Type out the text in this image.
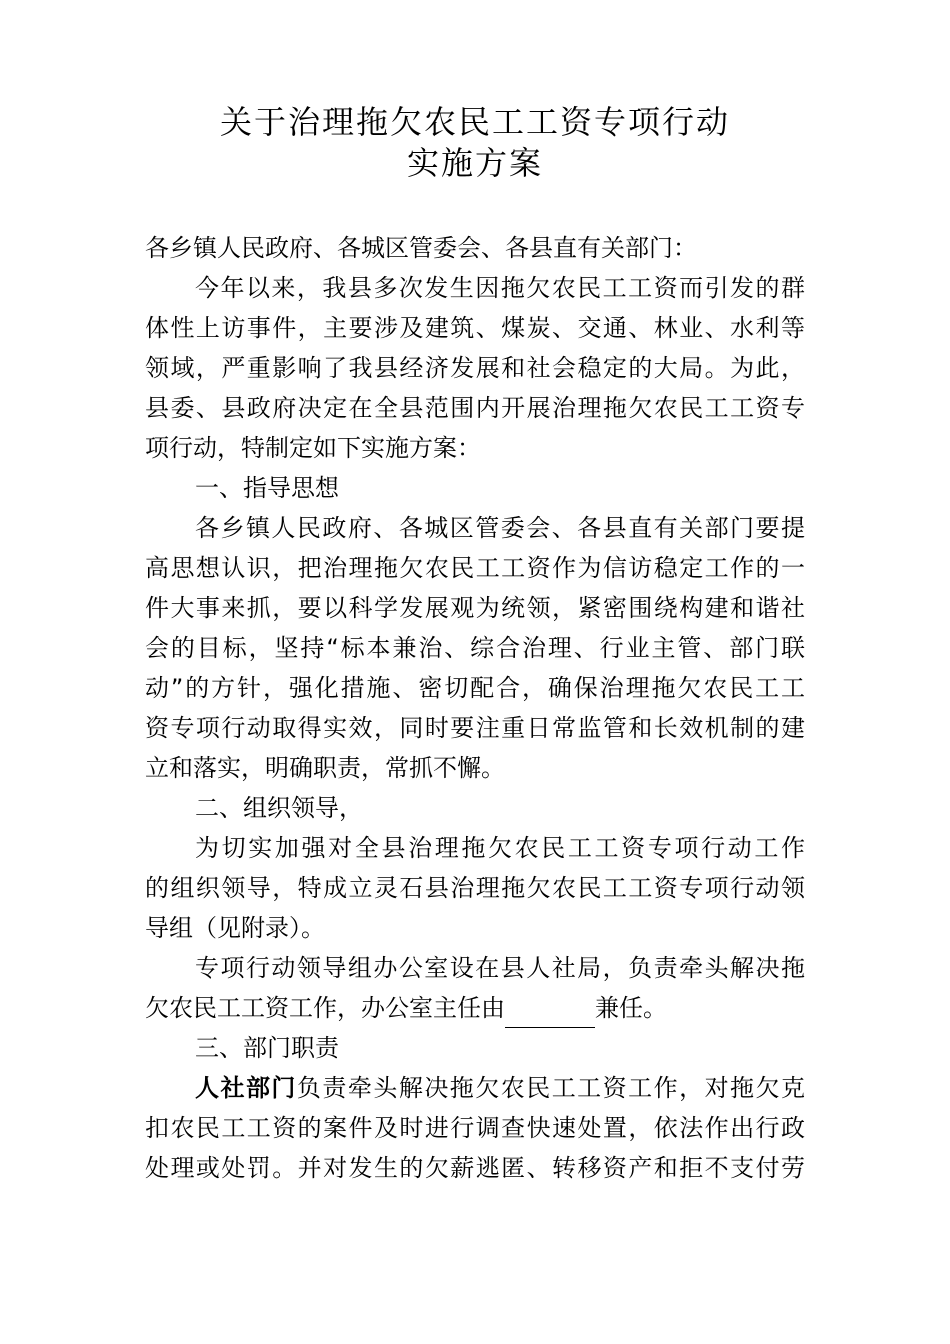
关于治理拖欠农民工工资专项行动
实施方案
各乡镇人民政府、各城区管委会、各县直有关部门：
今年以来，我县多次发生因拖欠农民工工资而引发的群
体性上访事件，主要涉及建筑、煤炭、交通、林业、水利等
领域，严重影响了我县经济发展和社会稳定的大局。为此，
县委、县政府决定在全县范围内开展治理拖欠农民工工资专
项行动，特制定如下实施方案：
一、指导思想
各乡镇人民政府、各城区管委会、各县直有关部门要提
高思想认识，把治理拖欠农民工工资作为信访稳定工作的一
件大事来抓，要以科学发展观为统领，紧密围绕构建和谐社
会的目标，坚持“标本兼治、综合治理、行业主管、部门联
动”的方针，强化措施、密切配合，确保治理拖欠农民工工
资专项行动取得实效，同时要注重日常监管和长效机制的建
立和落实，明确职责，常抓不懈。
二、组织领导，
为切实加强对全县治理拖欠农民工工资专项行动工作
的组织领导，特成立灵石县治理拖欠农民工工资专项行动领
导组（见附录）。
专项行动领导组办公室设在县人社局，负责牵头解决拖
欠农民工工资工作，办公室主任由	兼任。
三、部门职责
人社部门负责牵头解决拖欠农民工工资工作，对拖欠克
扣农民工工资的案件及时进行调查快速处置，依法作出行政
处理或处罚。并对发生的欠薪逃匿、转移资产和拒不支付劳
